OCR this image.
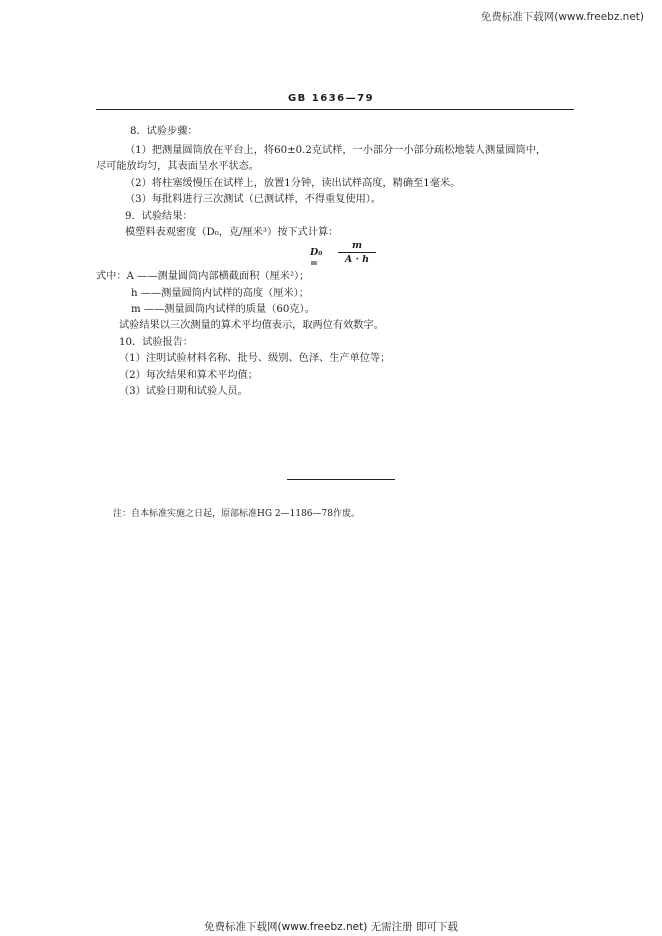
免费标准下载网(www.freebz.net)
GB 1636—79
8．试验步骤：
（1）把测量圆筒放在平台上，将60±0.2克试样，一小部分一小部分疏松地装人测量圆筒中，
尽可能放均匀，其表面呈水平状态。
（2）将柱塞缓慢压在试样上，放置1分钟，读出试样高度，精确至1毫米。
（3）每批料进行三次测试（已测试样，不得重复使用）。
9．试验结果：
模塑料表观密度（D₀，克/厘米³）按下式计算：
D₀ =
m
A · h
式中：A ——测量圆筒内部横截面积（厘米²）；
h ——测量圆筒内试样的高度（厘米）；
m ——测量圆筒内试样的质量（60克）。
试验结果以三次测量的算术平均值表示，取两位有效数字。
10．试验报告：
（1）注明试验材料名称、批号、级别、色泽、生产单位等；
（2）每次结果和算术平均值；
（3）试验日期和试验人员。
注：自本标准实施之日起，原部标准HG 2—1186—78作废。
免费标准下载网(www.freebz.net) 无需注册 即可下载
